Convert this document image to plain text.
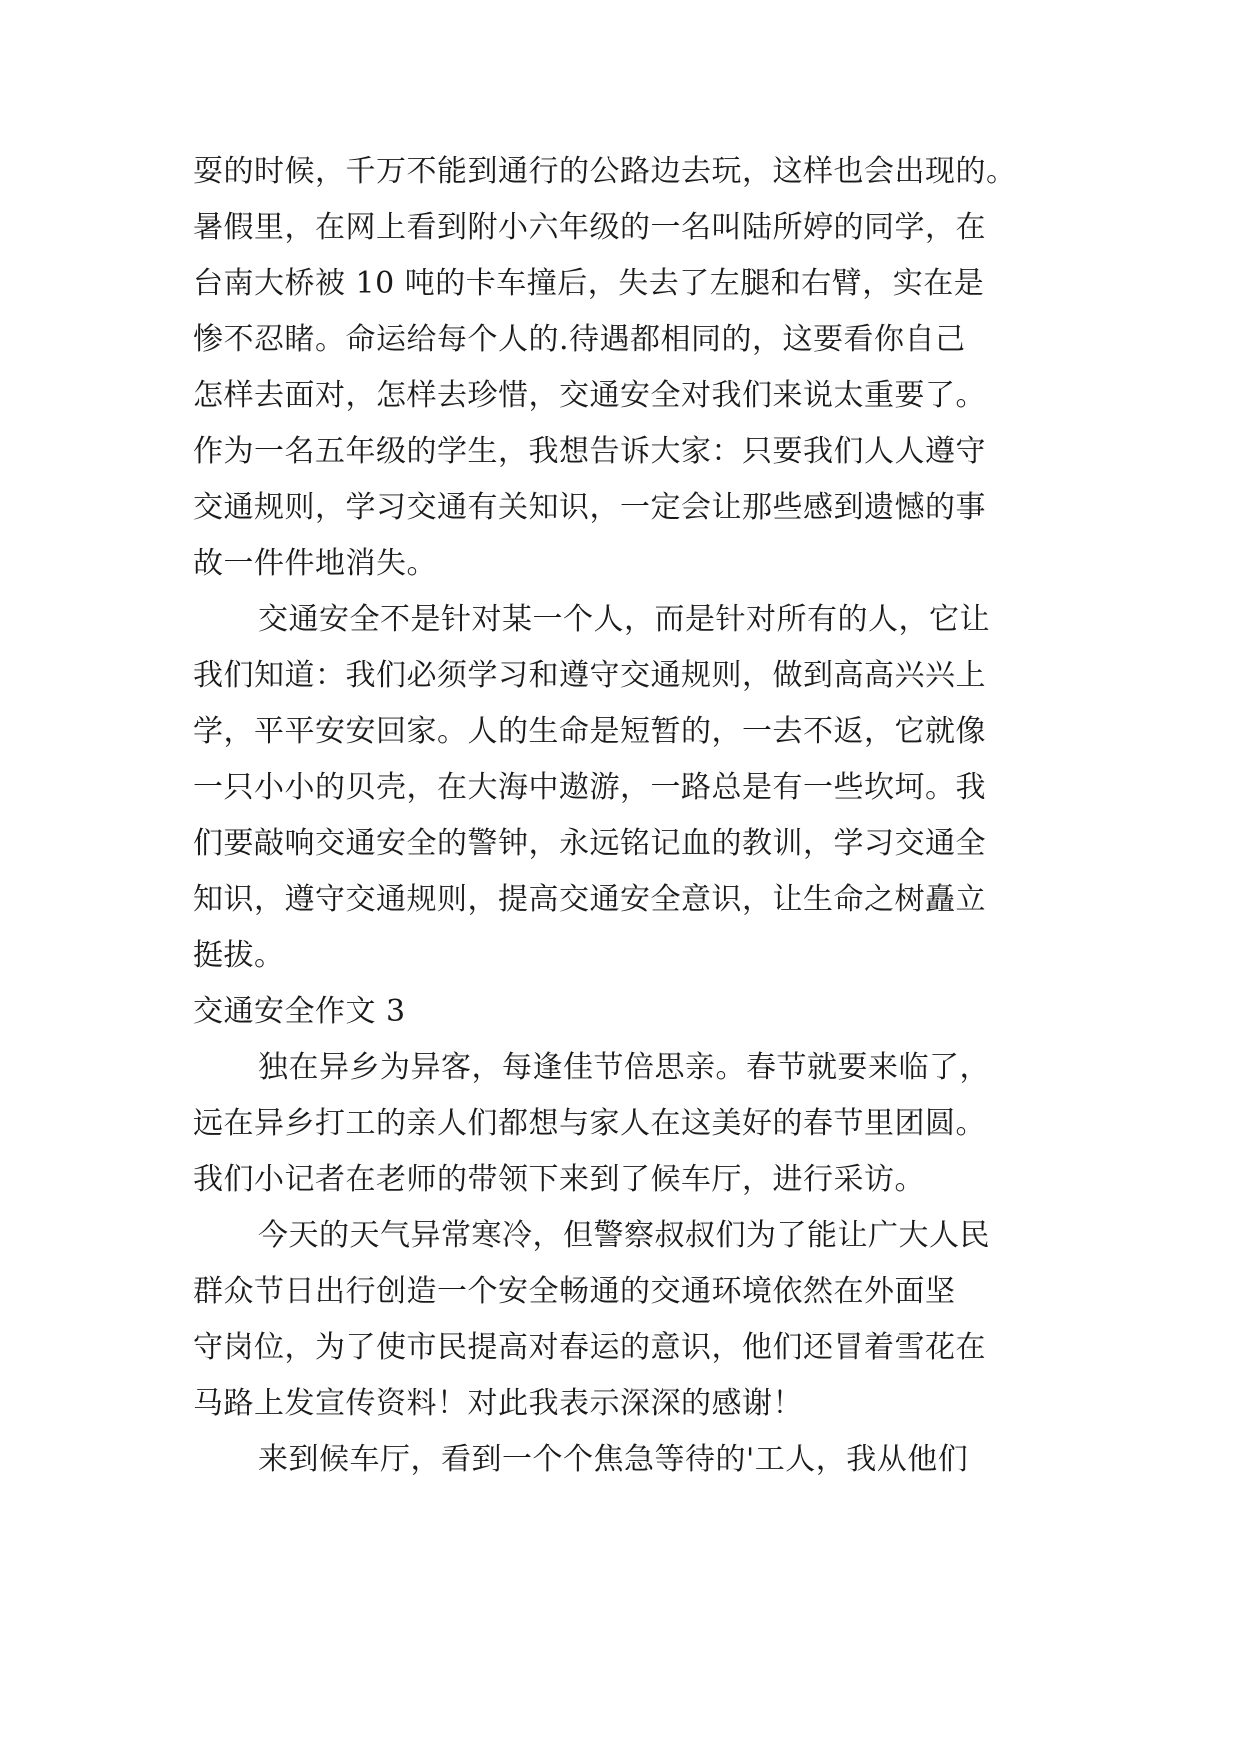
耍的时候，千万不能到通行的公路边去玩，这样也会出现的。
暑假里，在网上看到附小六年级的一名叫陆所婷的同学，在
台南大桥被 10 吨的卡车撞后，失去了左腿和右臂，实在是
惨不忍睹。命运给每个人的.待遇都相同的，这要看你自己
怎样去面对，怎样去珍惜，交通安全对我们来说太重要了。
作为一名五年级的学生，我想告诉大家：只要我们人人遵守
交通规则，学习交通有关知识，一定会让那些感到遗憾的事
故一件件地消失。
交通安全不是针对某一个人，而是针对所有的人，它让
我们知道：我们必须学习和遵守交通规则，做到高高兴兴上
学，平平安安回家。人的生命是短暂的，一去不返，它就像
一只小小的贝壳，在大海中遨游，一路总是有一些坎坷。我
们要敲响交通安全的警钟，永远铭记血的教训，学习交通全
知识，遵守交通规则，提高交通安全意识，让生命之树矗立
挺拔。
交通安全作文 3
独在异乡为异客，每逢佳节倍思亲。春节就要来临了，
远在异乡打工的亲人们都想与家人在这美好的春节里团圆。
我们小记者在老师的带领下来到了候车厅，进行采访。
今天的天气异常寒冷，但警察叔叔们为了能让广大人民
群众节日出行创造一个安全畅通的交通环境依然在外面坚
守岗位，为了使市民提高对春运的意识，他们还冒着雪花在
马路上发宣传资料！对此我表示深深的感谢！
来到候车厅，看到一个个焦急等待的'工人，我从他们
